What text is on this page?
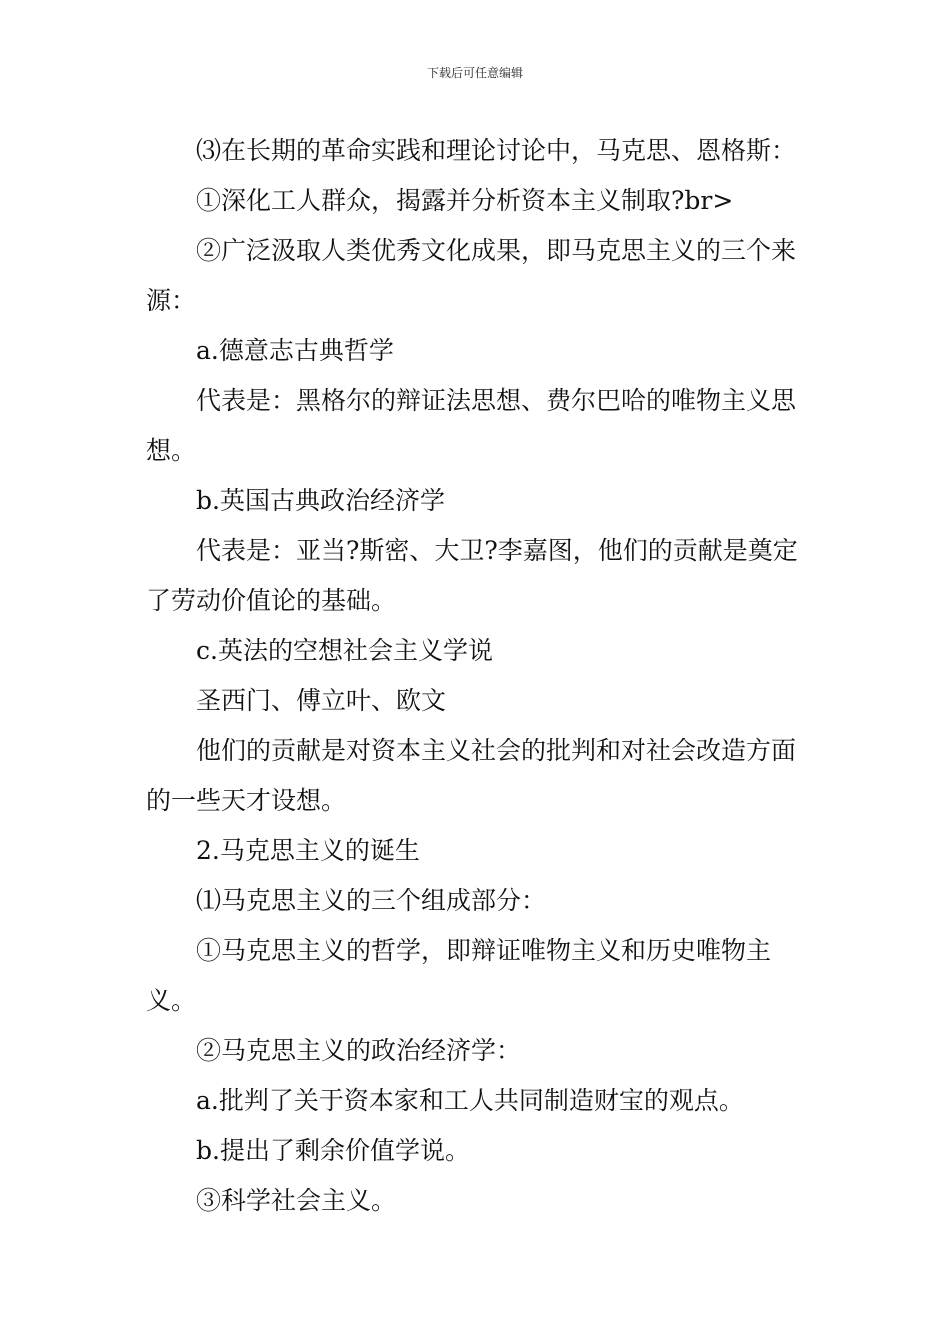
下载后可任意编辑

⑶在长期的革命实践和理论讨论中，马克思、恩格斯：

①深化工人群众，揭露并分析资本主义制取?br>

②广泛汲取人类优秀文化成果，即马克思主义的三个来源：

a.德意志古典哲学

代表是：黑格尔的辩证法思想、费尔巴哈的唯物主义思想。

b.英国古典政治经济学

代表是：亚当?斯密、大卫?李嘉图，他们的贡献是奠定了劳动价值论的基础。

c.英法的空想社会主义学说

圣西门、傅立叶、欧文

他们的贡献是对资本主义社会的批判和对社会改造方面的一些天才设想。

2.马克思主义的诞生

⑴马克思主义的三个组成部分：

①马克思主义的哲学，即辩证唯物主义和历史唯物主义。

②马克思主义的政治经济学：

a.批判了关于资本家和工人共同制造财宝的观点。

b.提出了剩余价值学说。

③科学社会主义。
